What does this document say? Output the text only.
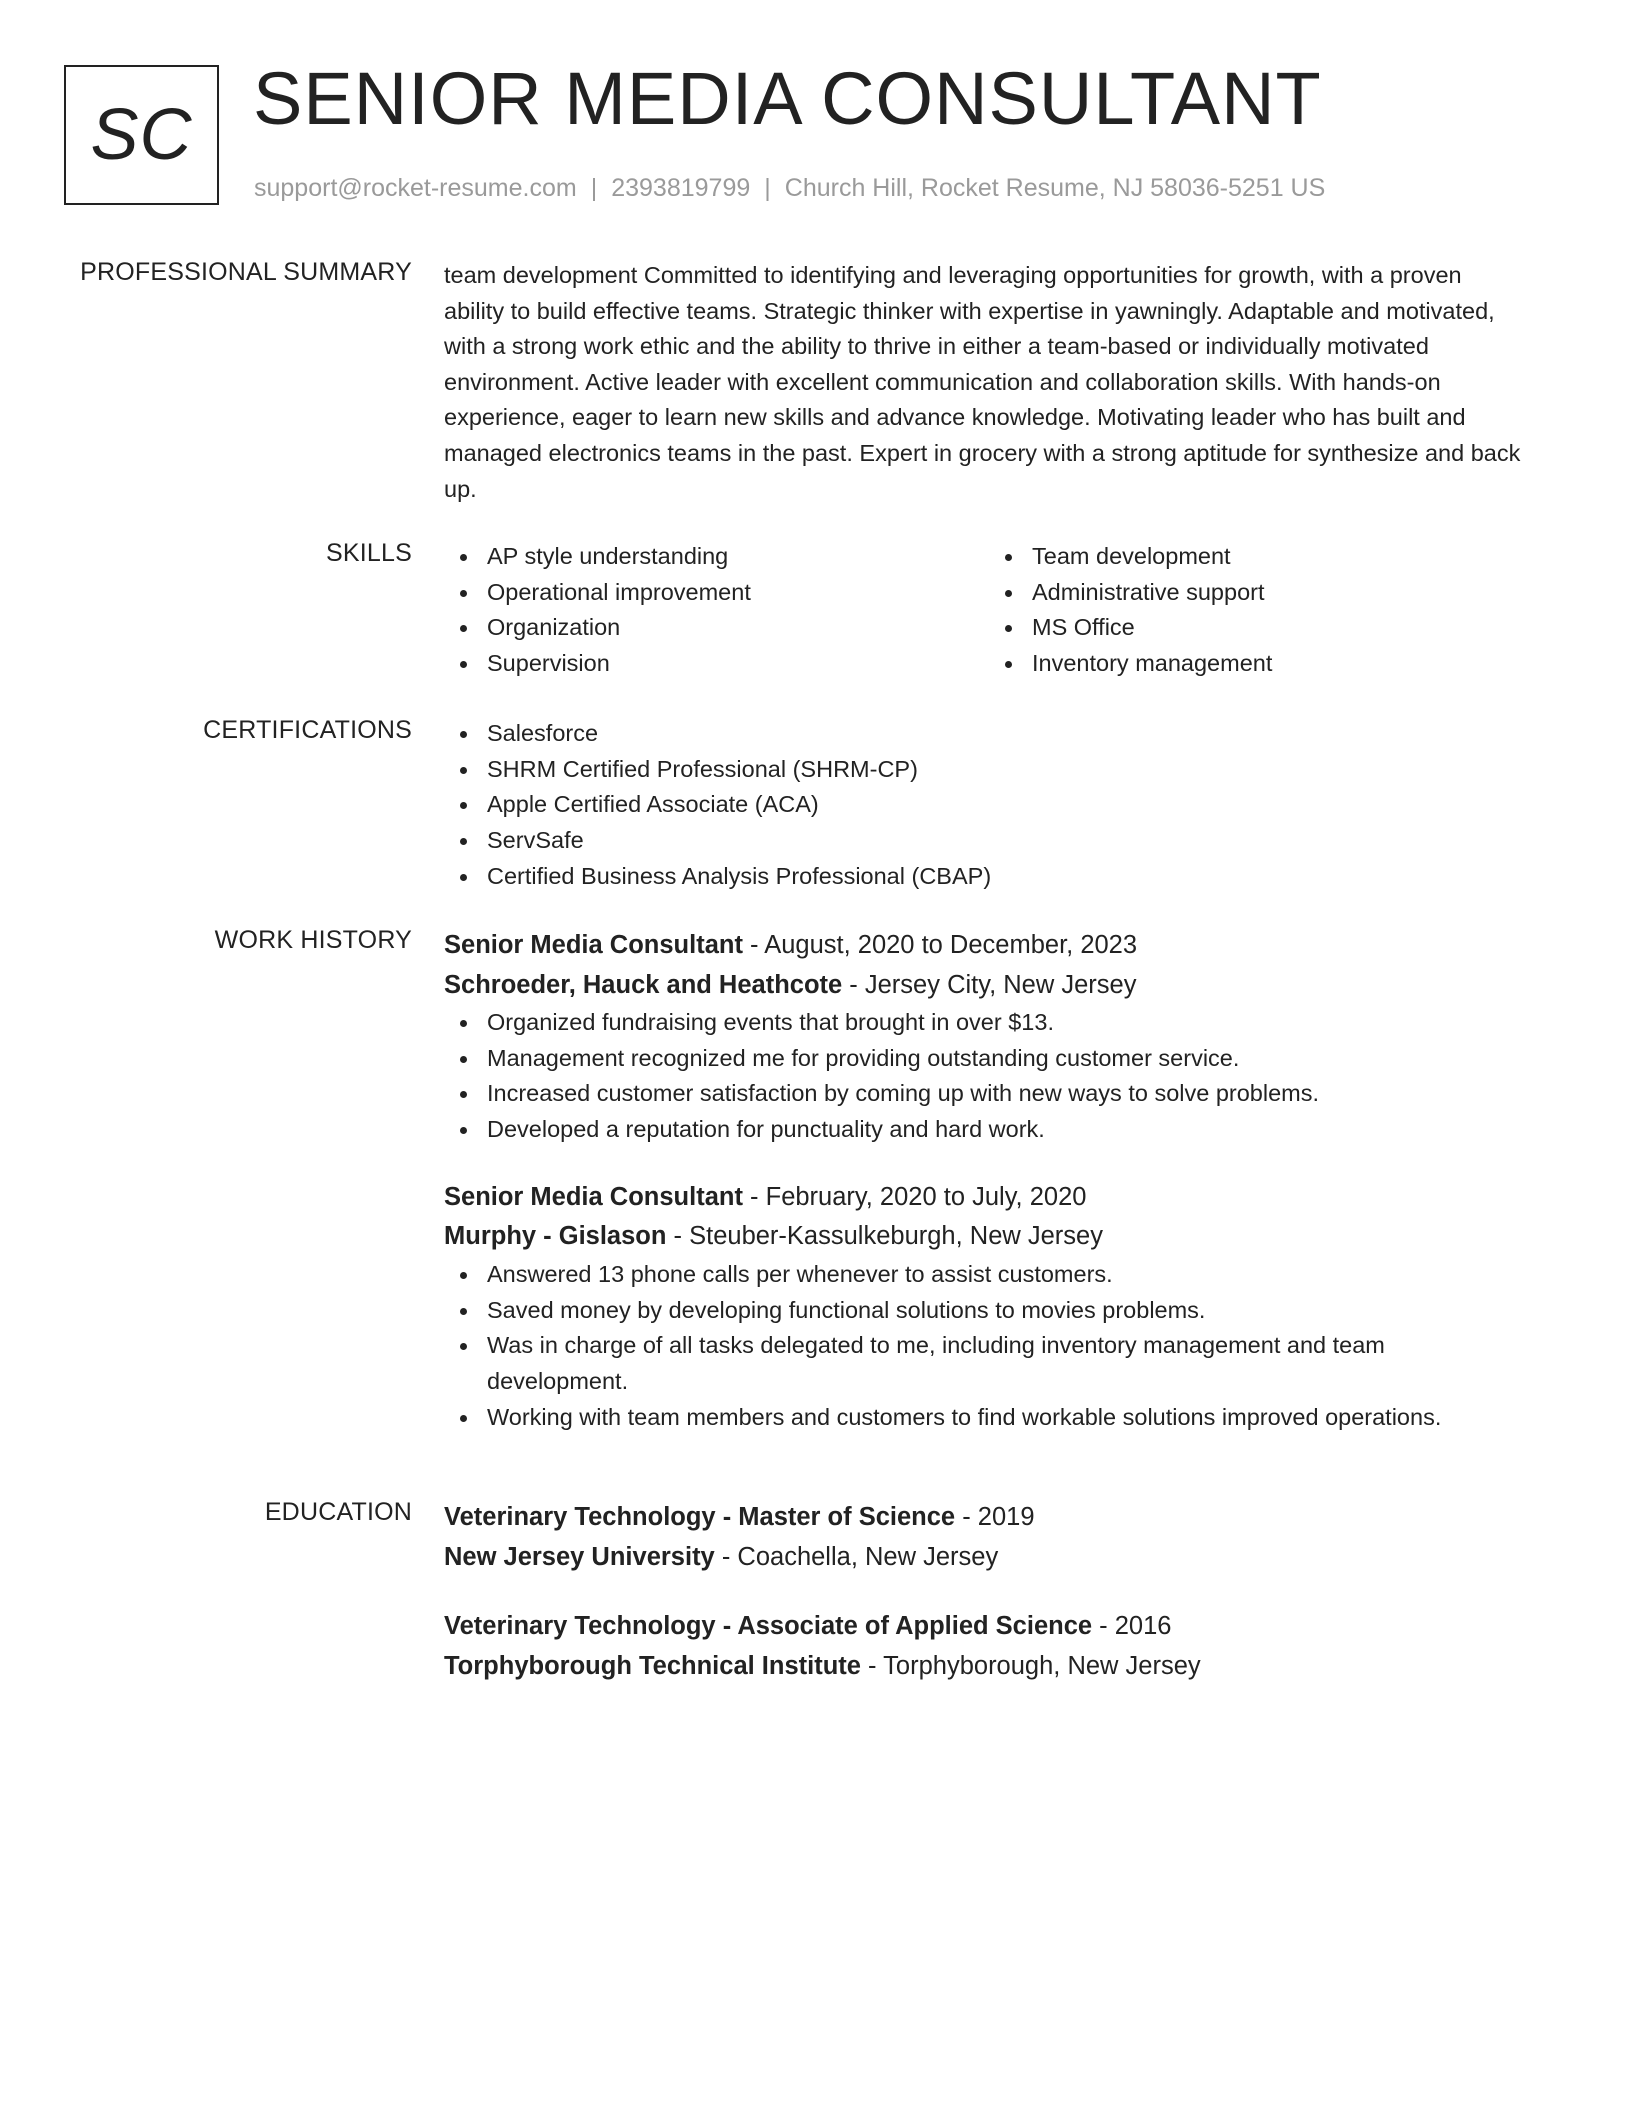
SC SENIOR MEDIA CONSULTANT
support@rocket-resume.com | 2393819799 | Church Hill, Rocket Resume, NJ 58036-5251 US
PROFESSIONAL SUMMARY team development Committed to identifying and leveraging opportunities for growth, with a proven ability to build effective teams. Strategic thinker with expertise in yawningly. Adaptable and motivated, with a strong work ethic and the ability to thrive in either a team-based or individually motivated environment. Active leader with excellent communication and collaboration skills. With hands-on experience, eager to learn new skills and advance knowledge. Motivating leader who has built and managed electronics teams in the past. Expert in grocery with a strong aptitude for synthesize and back up.

SKILLS	AP style understanding
Operational improvement
Organization
Supervision
Team development
Administrative support
MS Office
Inventory management
CERTIFICATIONS	Salesforce
SHRM Certified Professional (SHRM-CP)
Apple Certified Associate (ACA)
ServSafe
Certified Business Analysis Professional (CBAP)
WORK HISTORY Senior Media Consultant - August, 2020 to December, 2023
Schroeder, Hauck and Heathcote - Jersey City, New Jersey
Organized fundraising events that brought in over $13.
Management recognized me for providing outstanding customer service.
Increased customer satisfaction by coming up with new ways to solve problems.
Developed a reputation for punctuality and hard work.
Senior Media Consultant - February, 2020 to July, 2020
Murphy - Gislason - Steuber-Kassulkeburgh, New Jersey
Answered 13 phone calls per whenever to assist customers.
Saved money by developing functional solutions to movies problems.
Was in charge of all tasks delegated to me, including inventory management and team development.
Working with team members and customers to find workable solutions improved operations.
EDUCATION Veterinary Technology - Master of Science - 2019
New Jersey University - Coachella, New Jersey
Veterinary Technology - Associate of Applied Science - 2016
Torphyborough Technical Institute - Torphyborough, New Jersey
